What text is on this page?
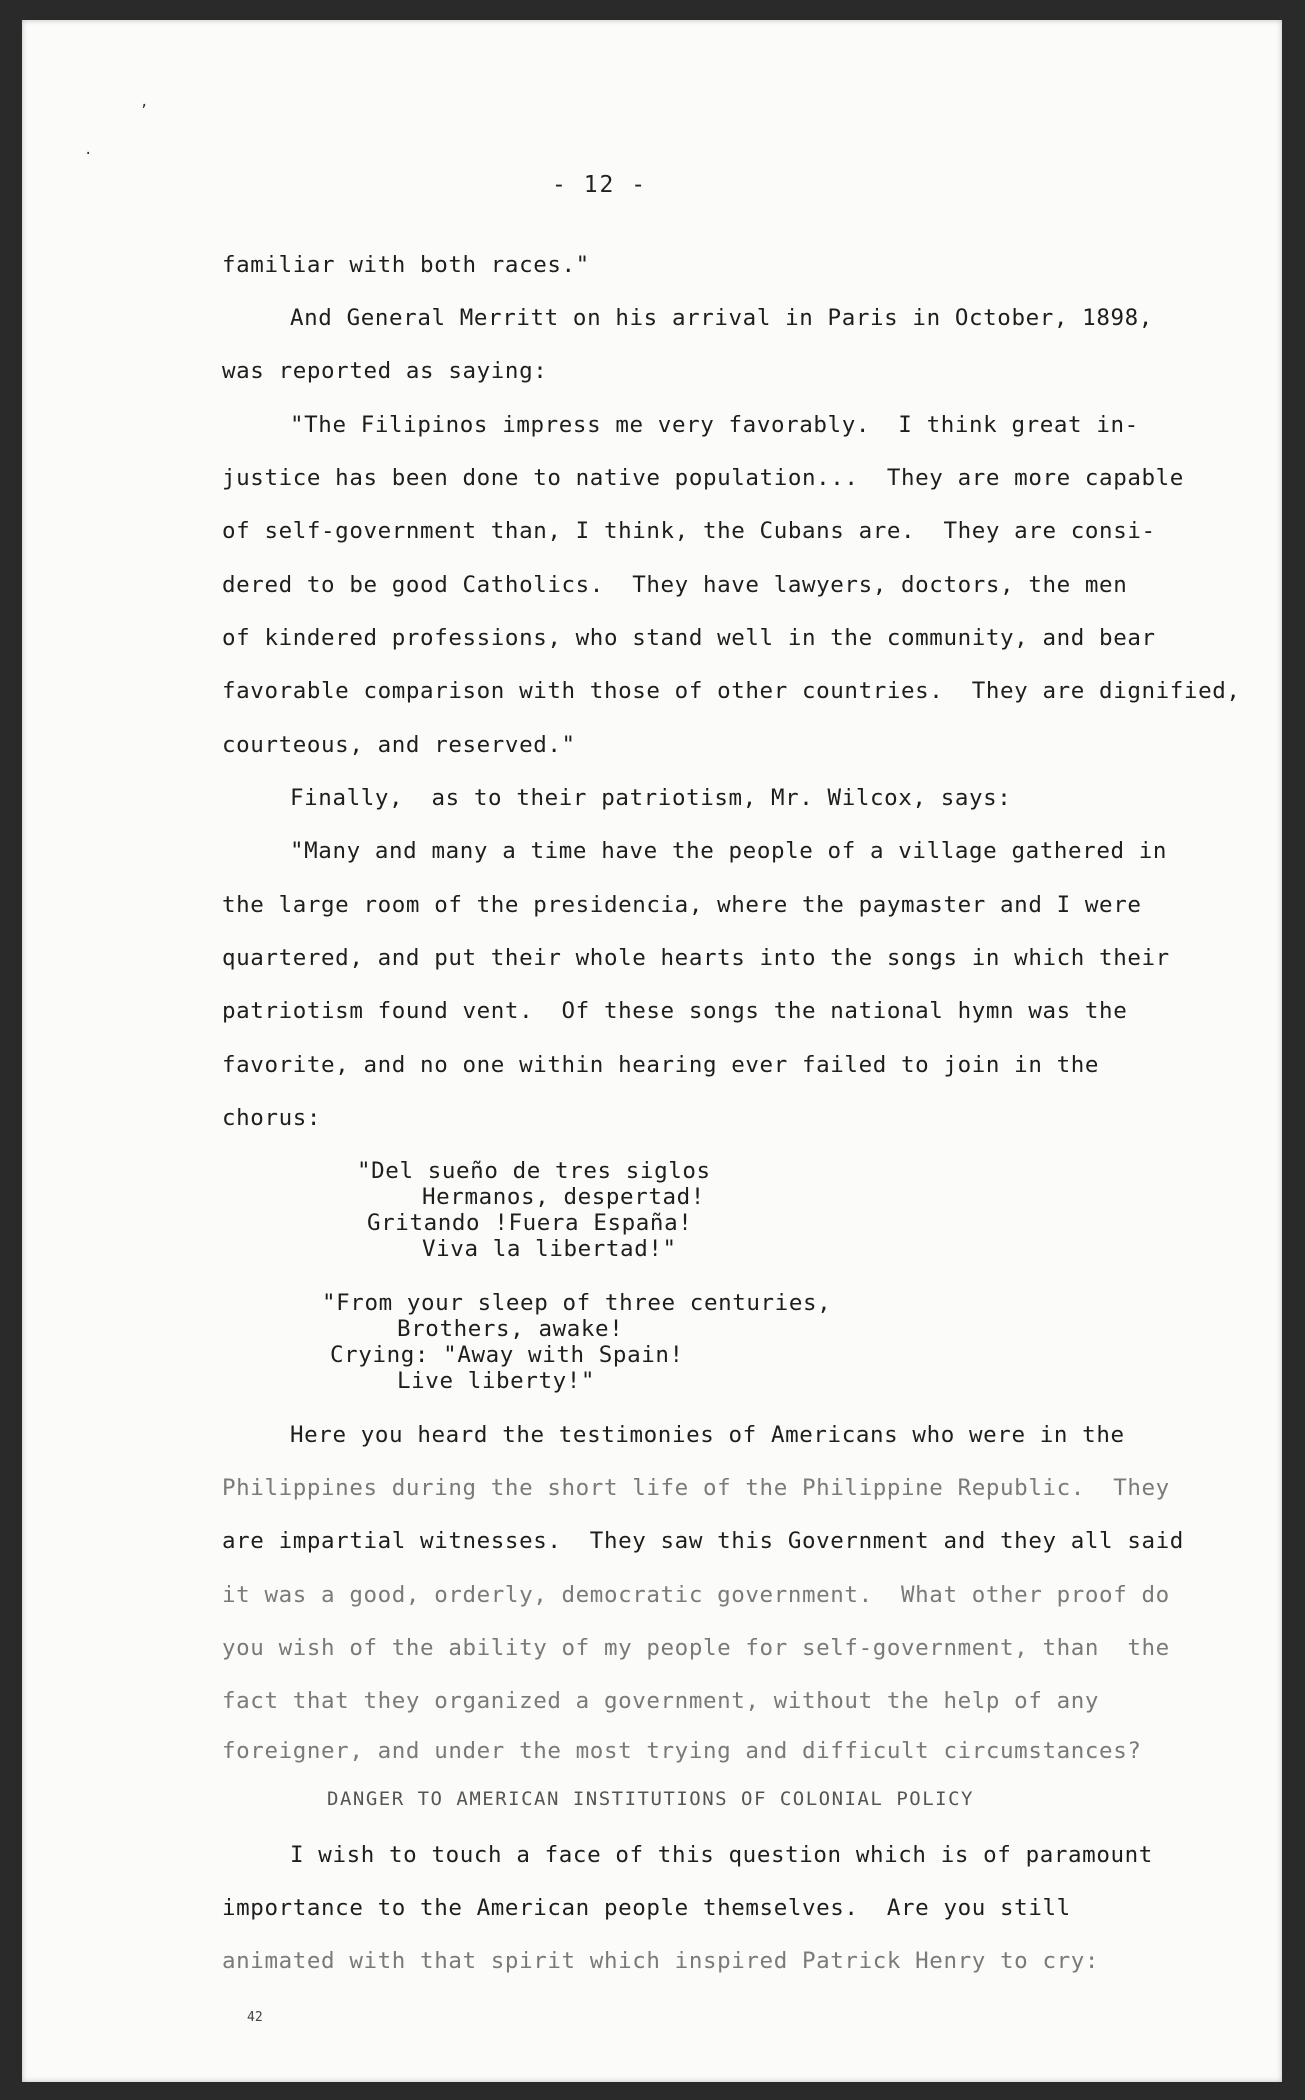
,
.
- 12 -
familiar with both races."
And General Merritt on his arrival in Paris in October, 1898,
was reported as saying:
"The Filipinos impress me very favorably.  I think great in-
justice has been done to native population...  They are more capable
of self-government than, I think, the Cubans are.  They are consi-
dered to be good Catholics.  They have lawyers, doctors, the men
of kindered professions, who stand well in the community, and bear
favorable comparison with those of other countries.  They are dignified,
courteous, and reserved."
Finally,  as to their patriotism, Mr. Wilcox, says:
"Many and many a time have the people of a village gathered in
the large room of the presidencia, where the paymaster and I were
quartered, and put their whole hearts into the songs in which their
patriotism found vent.  Of these songs the national hymn was the
favorite, and no one within hearing ever failed to join in the
chorus:
"Del sueño de tres siglos
Hermanos, despertad!
Gritando !Fuera España!
Viva la libertad!"
"From your sleep of three centuries,
Brothers, awake!
Crying: "Away with Spain!
Live liberty!"
Here you heard the testimonies of Americans who were in the
Philippines during the short life of the Philippine Republic.  They
are impartial witnesses.  They saw this Government and they all said
it was a good, orderly, democratic government.  What other proof do
you wish of the ability of my people for self-government, than  the
fact that they organized a government, without the help of any
foreigner, and under the most trying and difficult circumstances?
DANGER TO AMERICAN INSTITUTIONS OF COLONIAL POLICY
I wish to touch a face of this question which is of paramount
importance to the American people themselves.  Are you still
animated with that spirit which inspired Patrick Henry to cry:
42
